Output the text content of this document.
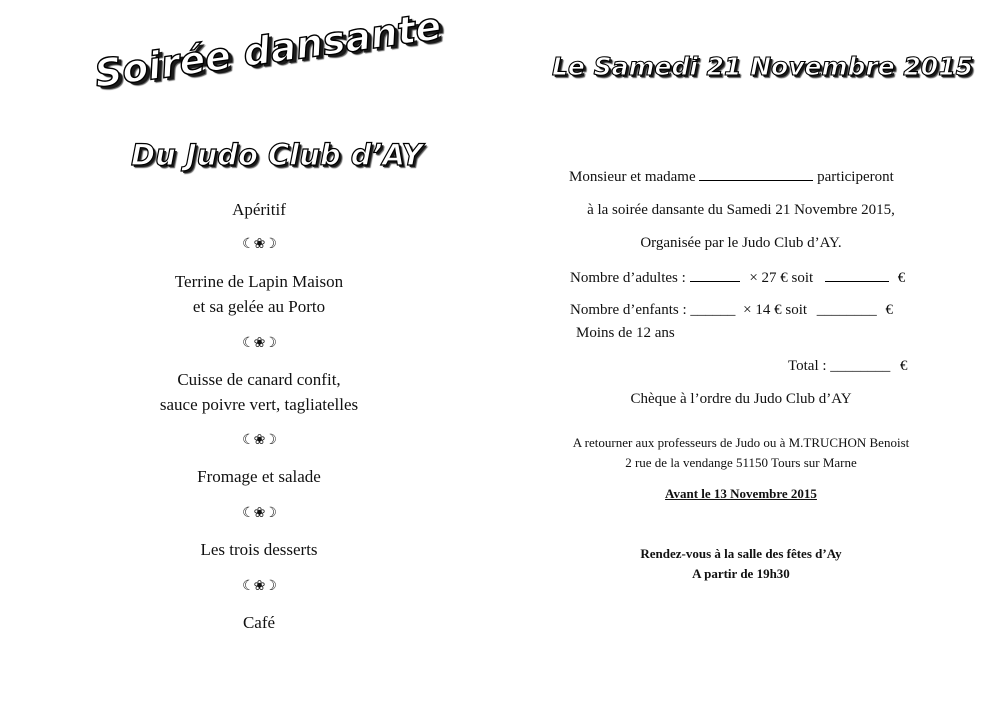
Soirée dansante	Le Samedi 21 Novembre 2015
Du Judo Club d’AY
Apéritif
☾❀☽
Terrine de Lapin Maison
et sa gelée au Porto
☾❀☽
Cuisse de canard confit,
sauce poivre vert, tagliatelles
☾❀☽
Fromage et salade
☾❀☽
Les trois desserts
☾❀☽
Café
Monsieur et madame	participeront
à la soirée dansante du Samedi 21 Novembre 2015,
Organisée par le Judo Club d’AY.
Nombre d’adultes :	× 27 € soit	€
Nombre d’enfants : ______ × 14 € soit ________ €
Moins de 12 ans
Total : ________ €
Chèque à l’ordre du Judo Club d’AY
A retourner aux professeurs de Judo ou à M.TRUCHON Benoist
2 rue de la vendange 51150 Tours sur Marne
Avant le 13 Novembre 2015
Rendez-vous à la salle des fêtes d’Ay
A partir de 19h30
